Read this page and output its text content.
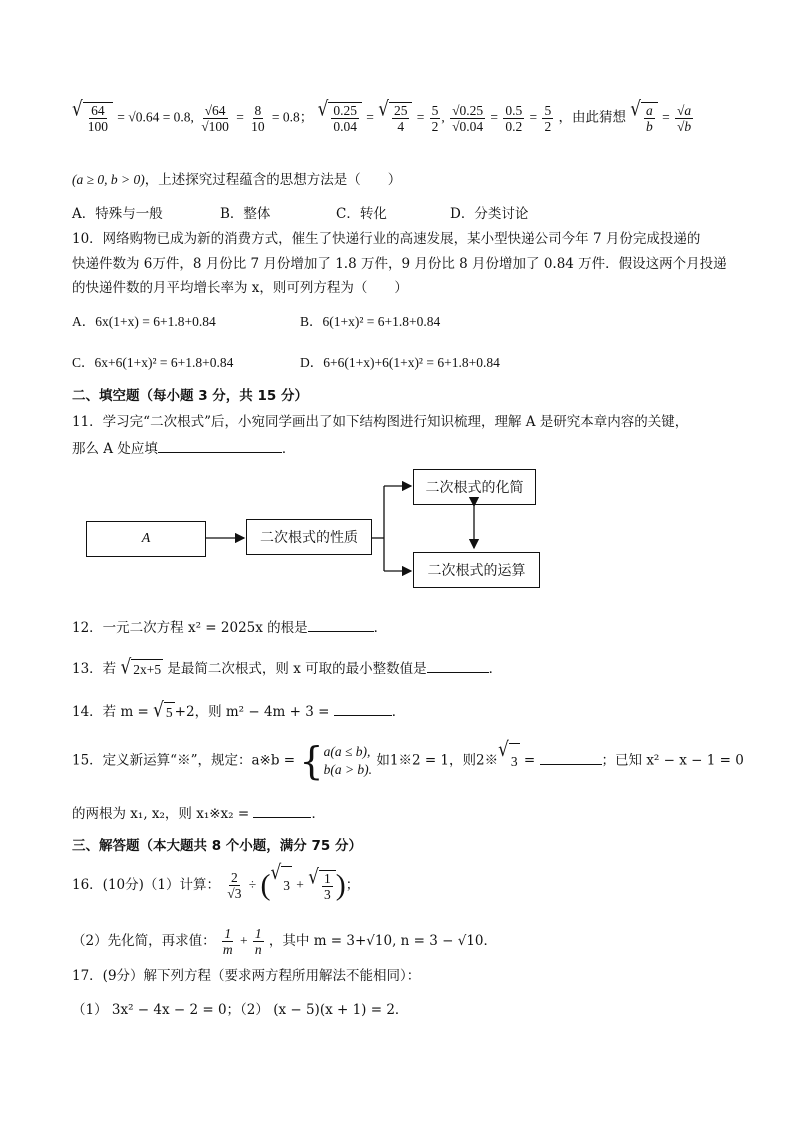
√ $\frac{64}{100} = √0.64 = 0.8$, $\frac{√64}{√100} = \frac{8}{10} = 0.8$； √ $\frac{0.25}{0.04}$ = √ $\frac{25}{4} = \frac{5}{2}$ , $\frac{√0.25}{√0.04} = \frac{0.5}{0.2} = \frac{5}{2}$ ，由此猜想 √ $\frac{a}{b} = \frac{√a}{√b}$
(a ≥ 0, b > 0)，上述探究过程蕴含的思想方法是（　　）
A．特殊与一般	B．整体	C．转化	D．分类讨论
10．网络购物已成为新的消费方式，催生了快递行业的高速发展，某小型快递公司今年 7 月份完成投递的
快递件数为 6万件，8 月份比 7 月份增加了 1.8 万件，9 月份比 8 月份增加了 0.84 万件．假设这两个月投递
的快递件数的月平均增长率为 x，则可列方程为（　　）
A．6x(1+x) = 6+1.8+0.84	B．6(1+x)² = 6+1.8+0.84
C．6x+6(1+x)² = 6+1.8+0.84	D．6+6(1+x)+6(1+x)² = 6+1.8+0.84
二、填空题（每小题 3 分，共 15 分）
11．学习完“二次根式”后，小宛同学画出了如下结构图进行知识梳理，理解 A 是研究本章内容的关键，
那么 A 处应填	．
A	二次根式的性质
二次根式的化简
二次根式的运算
12．一元二次方程 x² = 2025x 的根是	．
13．若 √ 2x+5 是最简二次根式，则 x 可取的最小整数值是	．
14．若 m = √ 5 +2，则 m² − 4m + 3 =	．
15．定义新运算“※”，规定：a※b = { a(a ≤ b),
b(a > b).
如1※2 = 1，则2※
√
3 =	；已知 x² − x − 1 = 0
的两根为 x₁, x₂，则 x₁※x₂ =	．
三、解答题（本大题共 8 个小题，满分 75 分）
16．(10分)（1）计算： $\frac{2}{√3}$ ÷ ( √
3 + √ $\frac{1}{3}$ )；
（2）先化简，再求值： $\frac{1}{m} + \frac{1}{n}$ ，其中 m = 3+√10, n = 3 − √10．
17．(9分）解下列方程（要求两方程所用解法不能相同）：
（1） 3x² − 4x − 2 = 0；（2） (x − 5)(x + 1) = 2．
